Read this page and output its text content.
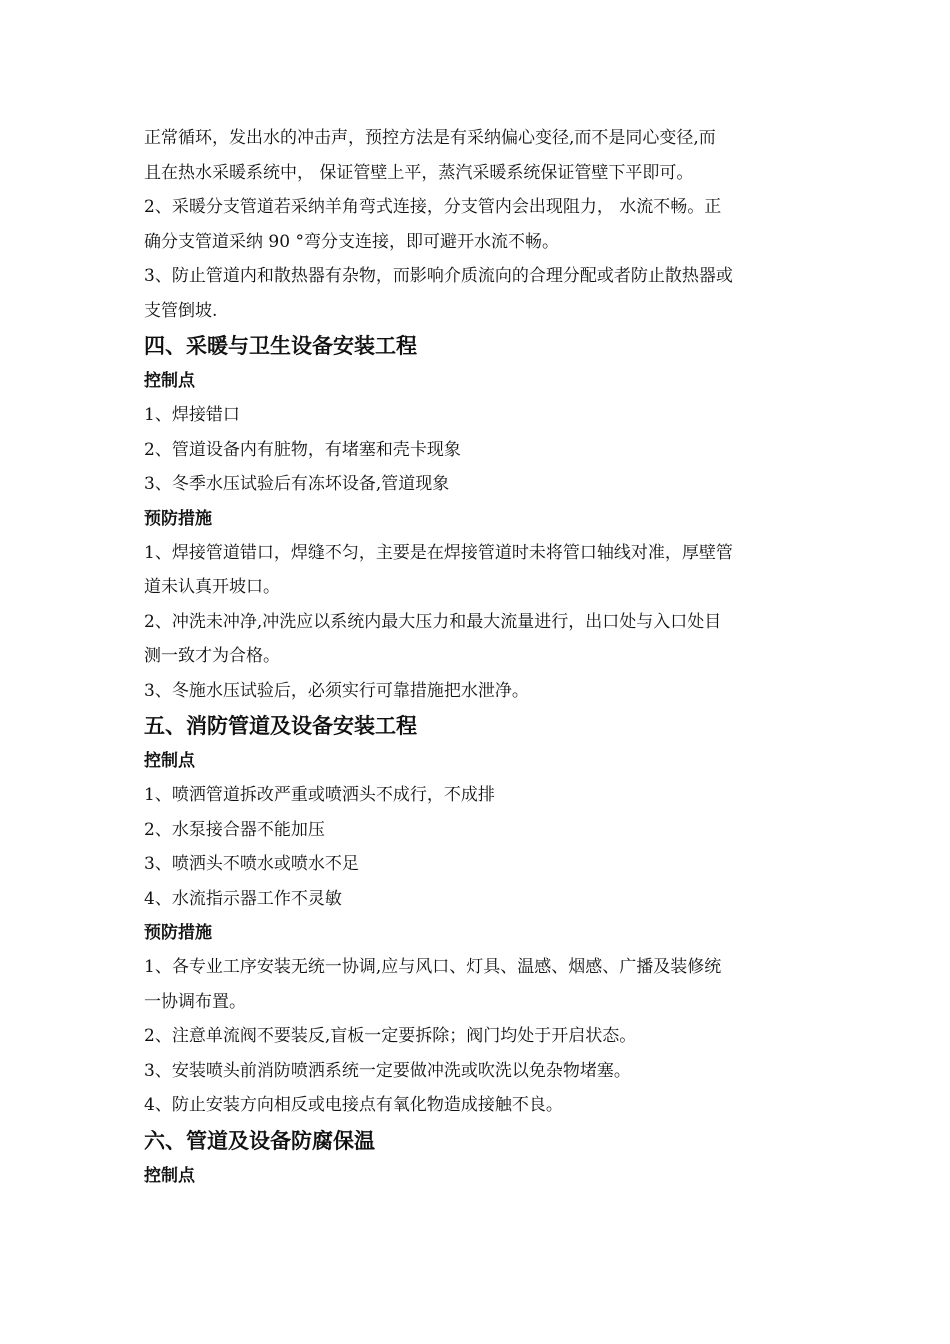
正常循环，发出水的冲击声，预控方法是有采纳偏心变径,而不是同心变径,而

且在热水采暖系统中， 保证管壁上平，蒸汽采暖系统保证管壁下平即可。

2、采暖分支管道若采纳羊角弯式连接，分支管内会出现阻力， 水流不畅。正

确分支管道采纳 90 °弯分支连接，即可避开水流不畅。

3、防止管道内和散热器有杂物，而影响介质流向的合理分配或者防止散热器或

支管倒坡.

四、采暖与卫生设备安装工程

控制点

1、焊接错口

2、管道设备内有脏物，有堵塞和壳卡现象

3、冬季水压试验后有冻坏设备,管道现象

预防措施

1、焊接管道错口，焊缝不匀，主要是在焊接管道时未将管口轴线对准，厚壁管

道未认真开坡口。

2、冲洗未冲净,冲洗应以系统内最大压力和最大流量进行，出口处与入口处目

测一致才为合格。

3、冬施水压试验后，必须实行可靠措施把水泄净。

五、消防管道及设备安装工程

控制点

1、喷洒管道拆改严重或喷洒头不成行，不成排

2、水泵接合器不能加压

3、喷洒头不喷水或喷水不足

4、水流指示器工作不灵敏

预防措施

1、各专业工序安装无统一协调,应与风口、灯具、温感、烟感、广播及装修统

一协调布置。

2、注意单流阀不要装反,盲板一定要拆除；阀门均处于开启状态。

3、安装喷头前消防喷洒系统一定要做冲洗或吹洗以免杂物堵塞。

4、防止安装方向相反或电接点有氧化物造成接触不良。

六、管道及设备防腐保温

控制点
